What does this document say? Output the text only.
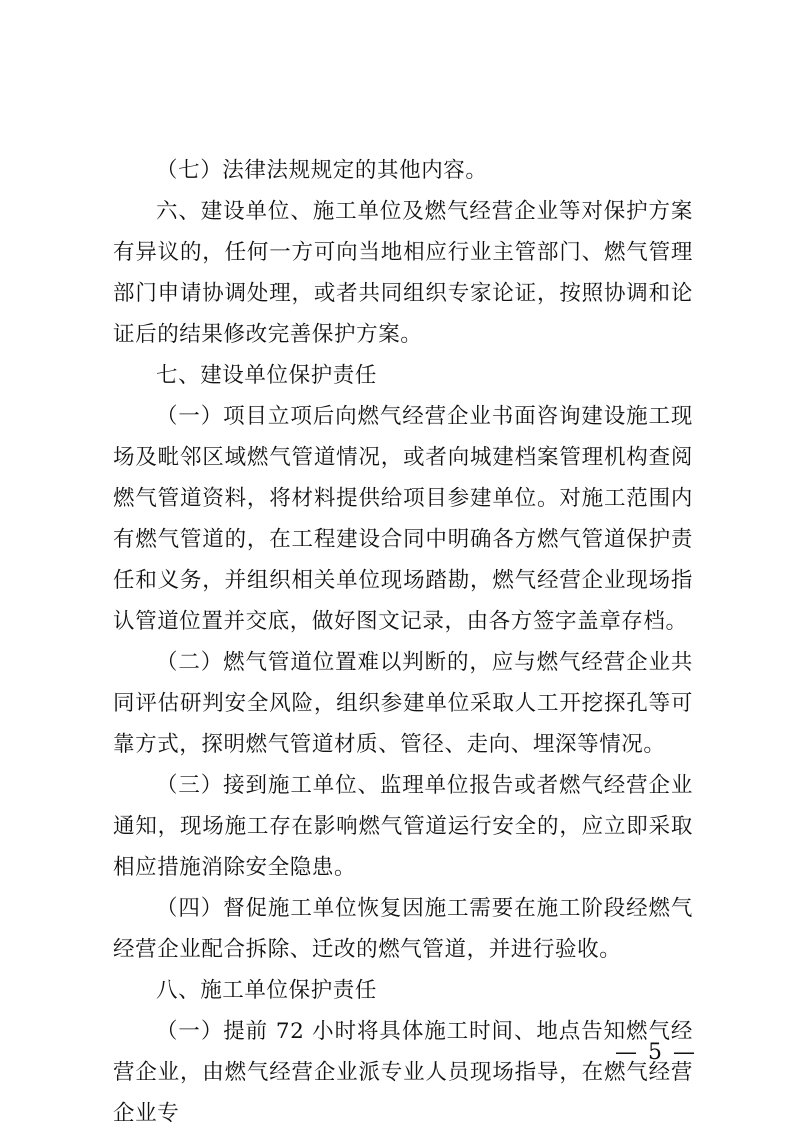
（七）法律法规规定的其他内容。

六、建设单位、施工单位及燃气经营企业等对保护方案有异议的，任何一方可向当地相应行业主管部门、燃气管理部门申请协调处理，或者共同组织专家论证，按照协调和论证后的结果修改完善保护方案。

七、建设单位保护责任

（一）项目立项后向燃气经营企业书面咨询建设施工现场及毗邻区域燃气管道情况，或者向城建档案管理机构查阅燃气管道资料，将材料提供给项目参建单位。对施工范围内有燃气管道的，在工程建设合同中明确各方燃气管道保护责任和义务，并组织相关单位现场踏勘，燃气经营企业现场指认管道位置并交底，做好图文记录，由各方签字盖章存档。

（二）燃气管道位置难以判断的，应与燃气经营企业共同评估研判安全风险，组织参建单位采取人工开挖探孔等可靠方式，探明燃气管道材质、管径、走向、埋深等情况。

（三）接到施工单位、监理单位报告或者燃气经营企业通知，现场施工存在影响燃气管道运行安全的，应立即采取相应措施消除安全隐患。

（四）督促施工单位恢复因施工需要在施工阶段经燃气经营企业配合拆除、迁改的燃气管道，并进行验收。

八、施工单位保护责任

（一）提前 72 小时将具体施工时间、地点告知燃气经营企业，由燃气经营企业派专业人员现场指导，在燃气经营企业专

— 5 —
